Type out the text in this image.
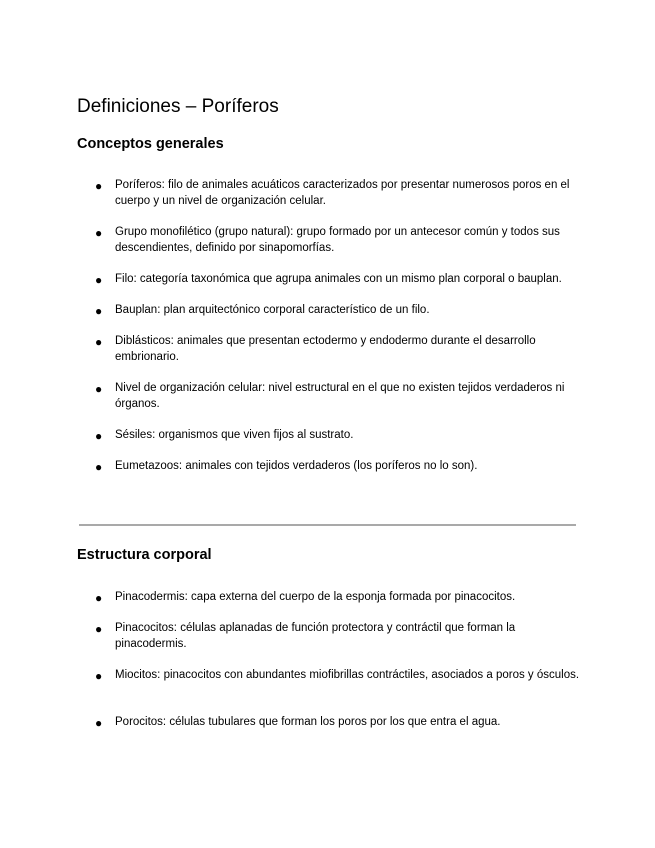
Definiciones – Poríferos
Conceptos generales
● Poríferos: filo de animales acuáticos caracterizados por presentar numerosos poros en el cuerpo y un nivel de organización celular.
● Grupo monofilético (grupo natural): grupo formado por un antecesor común y todos sus descendientes, definido por sinapomorfías.
● Filo: categoría taxonómica que agrupa animales con un mismo plan corporal o bauplan.
● Bauplan: plan arquitectónico corporal característico de un filo.
● Diblásticos: animales que presentan ectodermo y endodermo durante el desarrollo embrionario.
● Nivel de organización celular: nivel estructural en el que no existen tejidos verdaderos ni órganos.
● Sésiles: organismos que viven fijos al sustrato.
● Eumetazoos: animales con tejidos verdaderos (los poríferos no lo son).
Estructura corporal
● Pinacodermis: capa externa del cuerpo de la esponja formada por pinacocitos.
● Pinacocitos: células aplanadas de función protectora y contráctil que forman la pinacodermis.
● Miocitos: pinacocitos con abundantes miofibrillas contráctiles, asociados a poros y ósculos.
● Porocitos: células tubulares que forman los poros por los que entra el agua.
